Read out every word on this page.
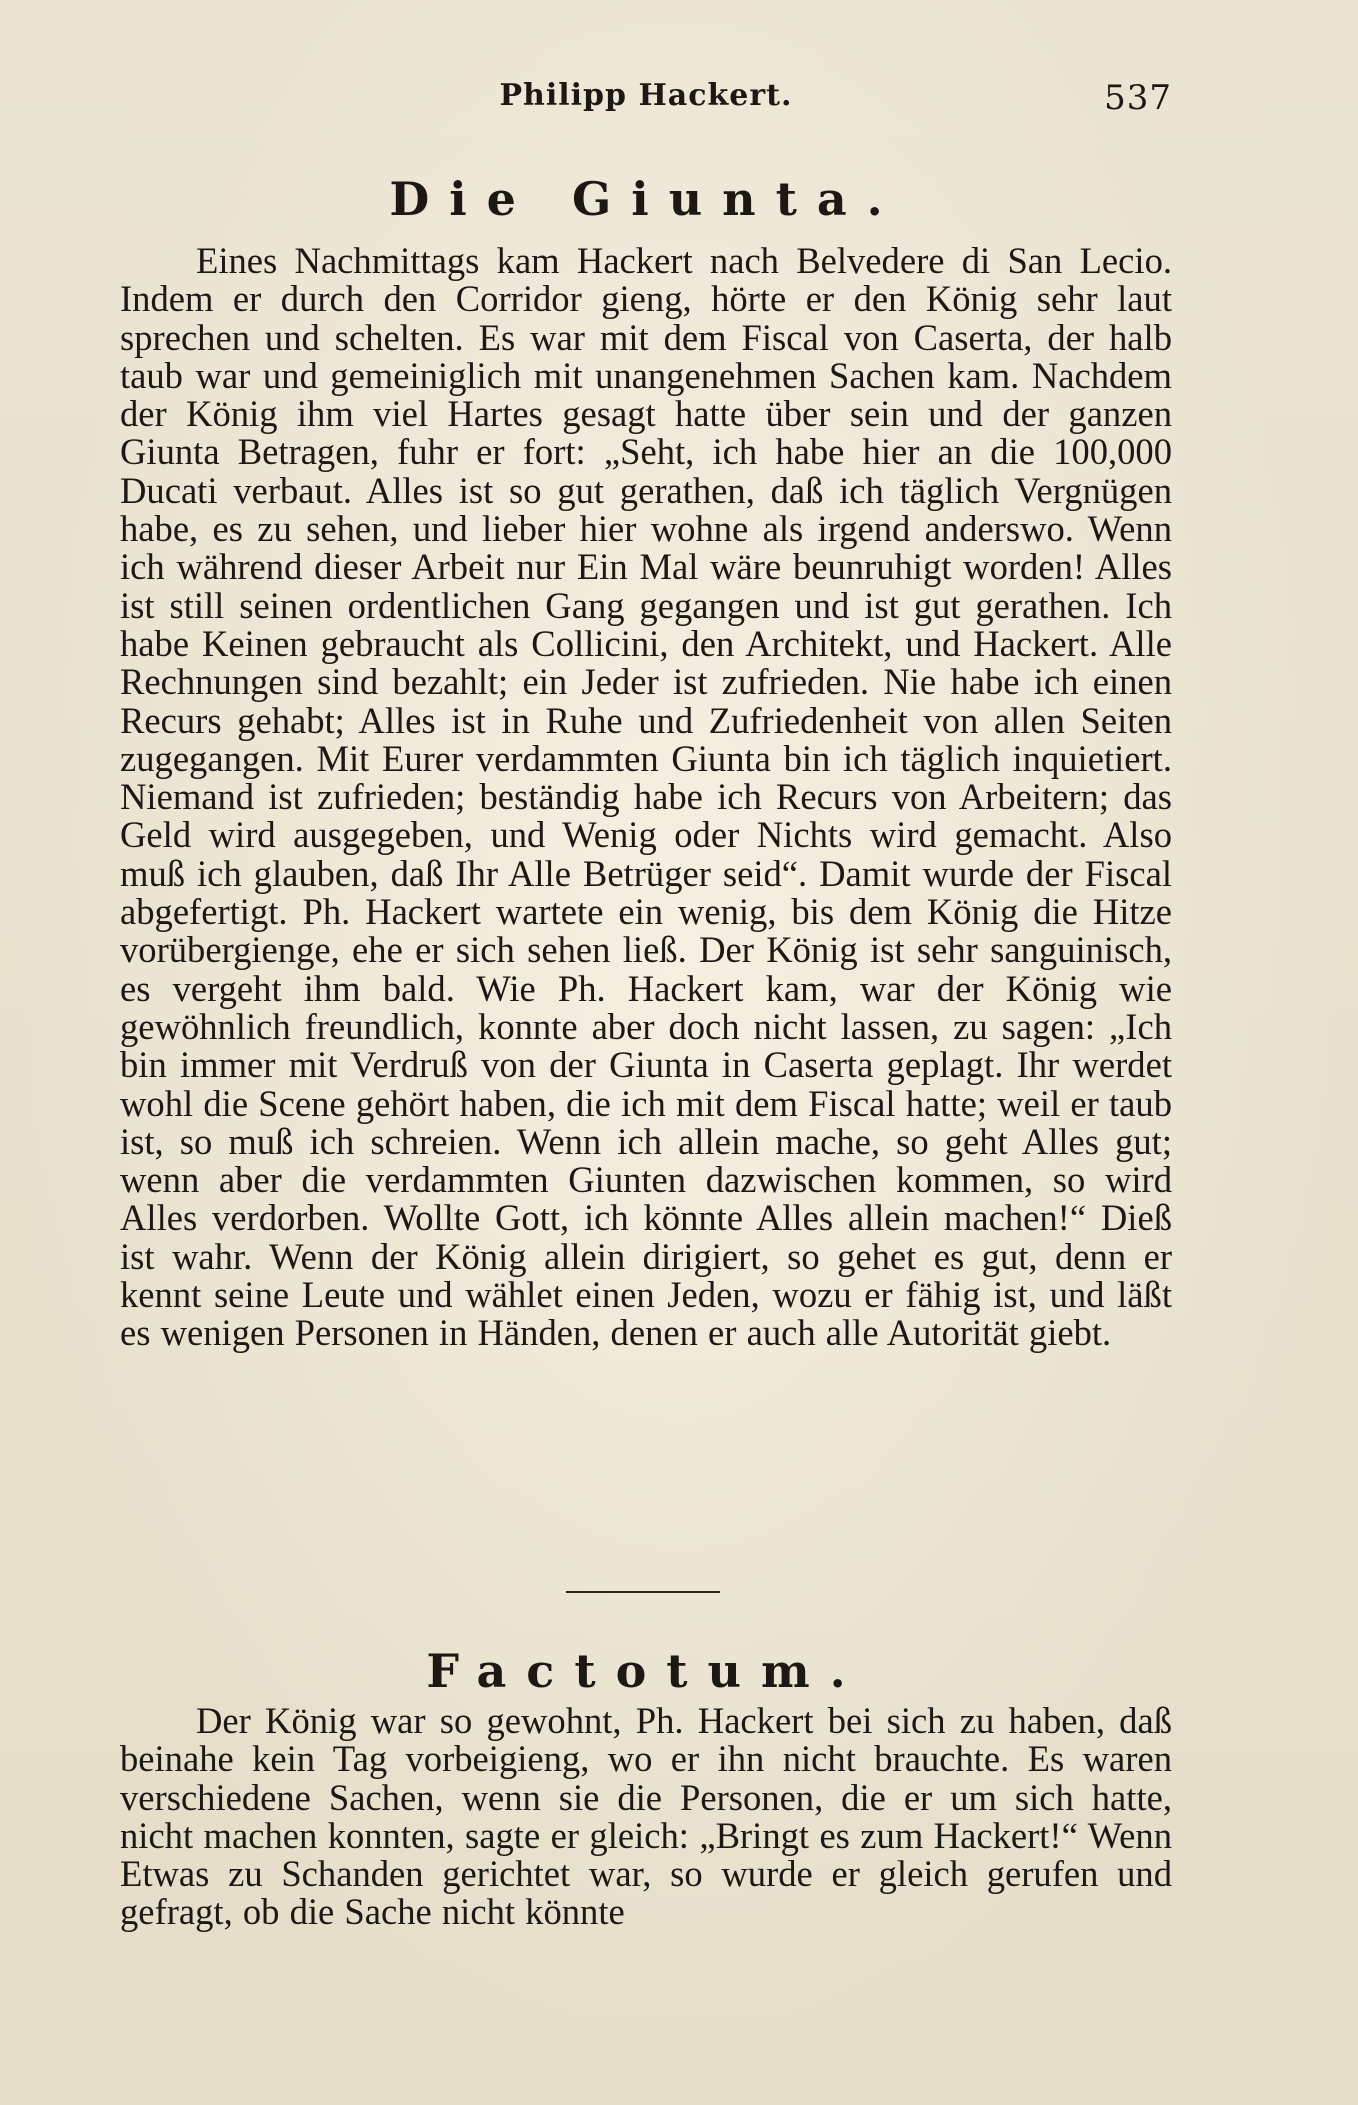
Philipp Hackert.	537
Die Giunta.

Eines Nachmittags kam Hackert nach Belvedere di San Lecio. Indem er durch den Corridor gieng, hörte er den König sehr laut sprechen und schelten. Es war mit dem Fiscal von Caserta, der halb taub war und gemeiniglich mit unangenehmen Sachen kam. Nachdem der König ihm viel Hartes gesagt hatte über sein und der ganzen Giunta Betragen, fuhr er fort: „Seht, ich habe hier an die 100,000 Ducati verbaut. Alles ist so gut gerathen, daß ich täglich Vergnügen habe, es zu sehen, und lieber hier wohne als irgend anderswo. Wenn ich während dieser Arbeit nur Ein Mal wäre beunruhigt worden! Alles ist still seinen ordentlichen Gang gegangen und ist gut gerathen. Ich habe Keinen gebraucht als Collicini, den Architekt, und Hackert. Alle Rechnungen sind bezahlt; ein Jeder ist zufrieden. Nie habe ich einen Recurs gehabt; Alles ist in Ruhe und Zufriedenheit von allen Seiten zugegangen. Mit Eurer verdammten Giunta bin ich täglich inquietiert. Niemand ist zufrieden; beständig habe ich Recurs von Arbeitern; das Geld wird ausgegeben, und Wenig oder Nichts wird gemacht. Also muß ich glauben, daß Ihr Alle Betrüger seid“. Damit wurde der Fiscal abgefertigt. Ph. Hackert wartete ein wenig, bis dem König die Hitze vorübergienge, ehe er sich sehen ließ. Der König ist sehr sanguinisch, es vergeht ihm bald. Wie Ph. Hackert kam, war der König wie gewöhnlich freundlich, konnte aber doch nicht lassen, zu sagen: „Ich bin immer mit Verdruß von der Giunta in Caserta geplagt. Ihr werdet wohl die Scene gehört haben, die ich mit dem Fiscal hatte; weil er taub ist, so muß ich schreien. Wenn ich allein mache, so geht Alles gut; wenn aber die verdammten Giunten dazwischen kommen, so wird Alles verdorben. Wollte Gott, ich könnte Alles allein machen!“ Dieß ist wahr. Wenn der König allein dirigiert, so gehet es gut, denn er kennt seine Leute und wählet einen Jeden, wozu er fähig ist, und läßt es wenigen Personen in Händen, denen er auch alle Autorität giebt.

Factotum.

Der König war so gewohnt, Ph. Hackert bei sich zu haben, daß beinahe kein Tag vorbeigieng, wo er ihn nicht brauchte. Es waren verschiedene Sachen, wenn sie die Personen, die er um sich hatte, nicht machen konnten, sagte er gleich: „Bringt es zum Hackert!“ Wenn Etwas zu Schanden gerichtet war, so wurde er gleich gerufen und gefragt, ob die Sache nicht könnte
